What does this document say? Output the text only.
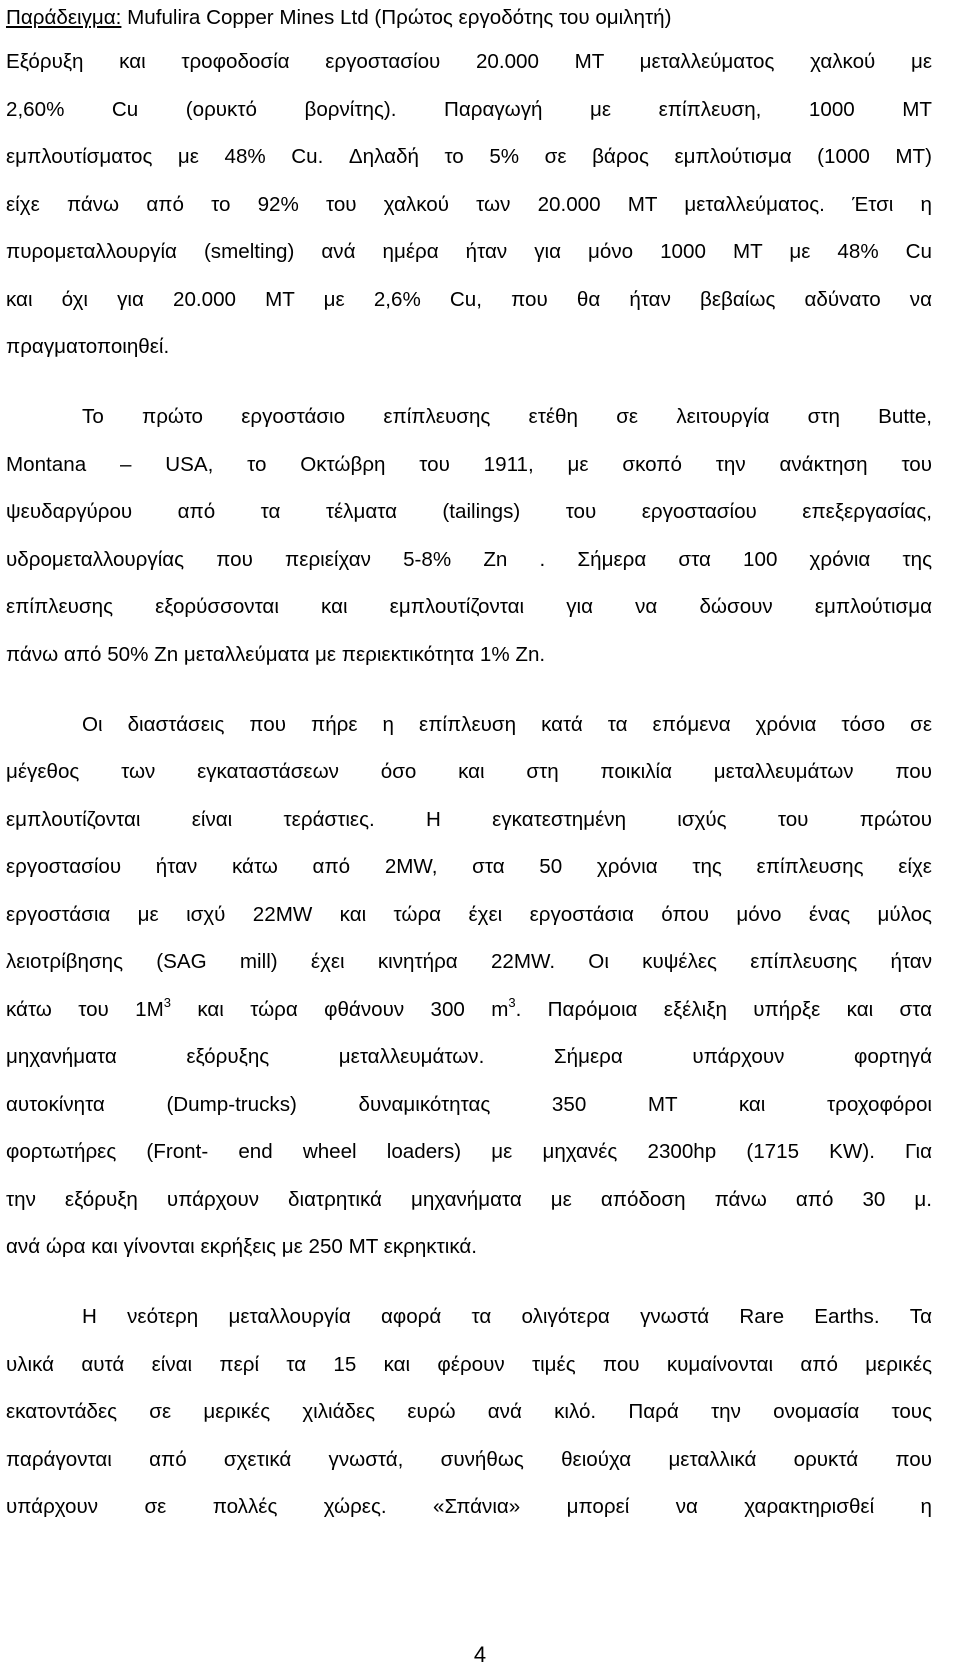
Παράδειγμα: Mufulira Copper Mines Ltd (Πρώτος εργοδότης του ομιλητή)
Εξόρυξη και τροφοδοσία εργοστασίου 20.000 MT μεταλλεύματος χαλκού με
2,60% Cu (ορυκτό βορνίτης). Παραγωγή με επίπλευση, 1000 MT
εμπλουτίσματος με 48% Cu. Δηλαδή το 5% σε βάρος εμπλούτισμα (1000 MT)
είχε πάνω από το 92% του χαλκού των 20.000 MT μεταλλεύματος. Έτσι η
πυρομεταλλουργία (smelting) ανά ημέρα ήταν για μόνο 1000 MT με 48% Cu
και όχι για 20.000 MT με 2,6% Cu, που θα ήταν βεβαίως αδύνατο να
πραγματοποιηθεί.
Το πρώτο εργοστάσιο επίπλευσης ετέθη σε λειτουργία στη Butte,
Montana – USA, το Οκτώβρη του 1911, με σκοπό την ανάκτηση του
ψευδαργύρου από τα τέλματα (tailings) του εργοστασίου επεξεργασίας,
υδρομεταλλουργίας που περιείχαν 5-8% Zn . Σήμερα στα 100 χρόνια της
επίπλευσης εξορύσσονται και εμπλουτίζονται για να δώσουν εμπλούτισμα
πάνω από 50% Zn μεταλλεύματα με περιεκτικότητα 1% Zn.
Οι διαστάσεις που πήρε η επίπλευση κατά τα επόμενα χρόνια τόσο σε
μέγεθος των εγκαταστάσεων όσο και στη ποικιλία μεταλλευμάτων που
εμπλουτίζονται είναι τεράστιες. Η εγκατεστημένη ισχύς του πρώτου
εργοστασίου ήταν κάτω από 2MW, στα 50 χρόνια της επίπλευσης είχε
εργοστάσια με ισχύ 22MW και τώρα έχει εργοστάσια όπου μόνο ένας μύλος
λειοτρίβησης (SAG mill) έχει κινητήρα 22MW. Οι κυψέλες επίπλευσης ήταν
κάτω του $1M^3$ και τώρα φθάνουν 300 $m^3$. Παρόμοια εξέλιξη υπήρξε και στα
μηχανήματα εξόρυξης μεταλλευμάτων. Σήμερα υπάρχουν φορτηγά
αυτοκίνητα (Dump-trucks) δυναμικότητας 350 MT και τροχοφόροι
φορτωτήρες (Front- end wheel loaders) με μηχανές 2300hp (1715 KW). Για
την εξόρυξη υπάρχουν διατρητικά μηχανήματα με απόδοση πάνω από 30 μ.
ανά ώρα και γίνονται εκρήξεις με 250 MT εκρηκτικά.
Η νεότερη μεταλλουργία αφορά τα ολιγότερα γνωστά Rare Earths. Τα
υλικά αυτά είναι περί τα 15 και φέρουν τιμές που κυμαίνονται από μερικές
εκατοντάδες σε μερικές χιλιάδες ευρώ ανά κιλό. Παρά την ονομασία τους
παράγονται από σχετικά γνωστά, συνήθως θειούχα μεταλλικά ορυκτά που
υπάρχουν σε πολλές χώρες. «Σπάνια» μπορεί να χαρακτηρισθεί η
4
